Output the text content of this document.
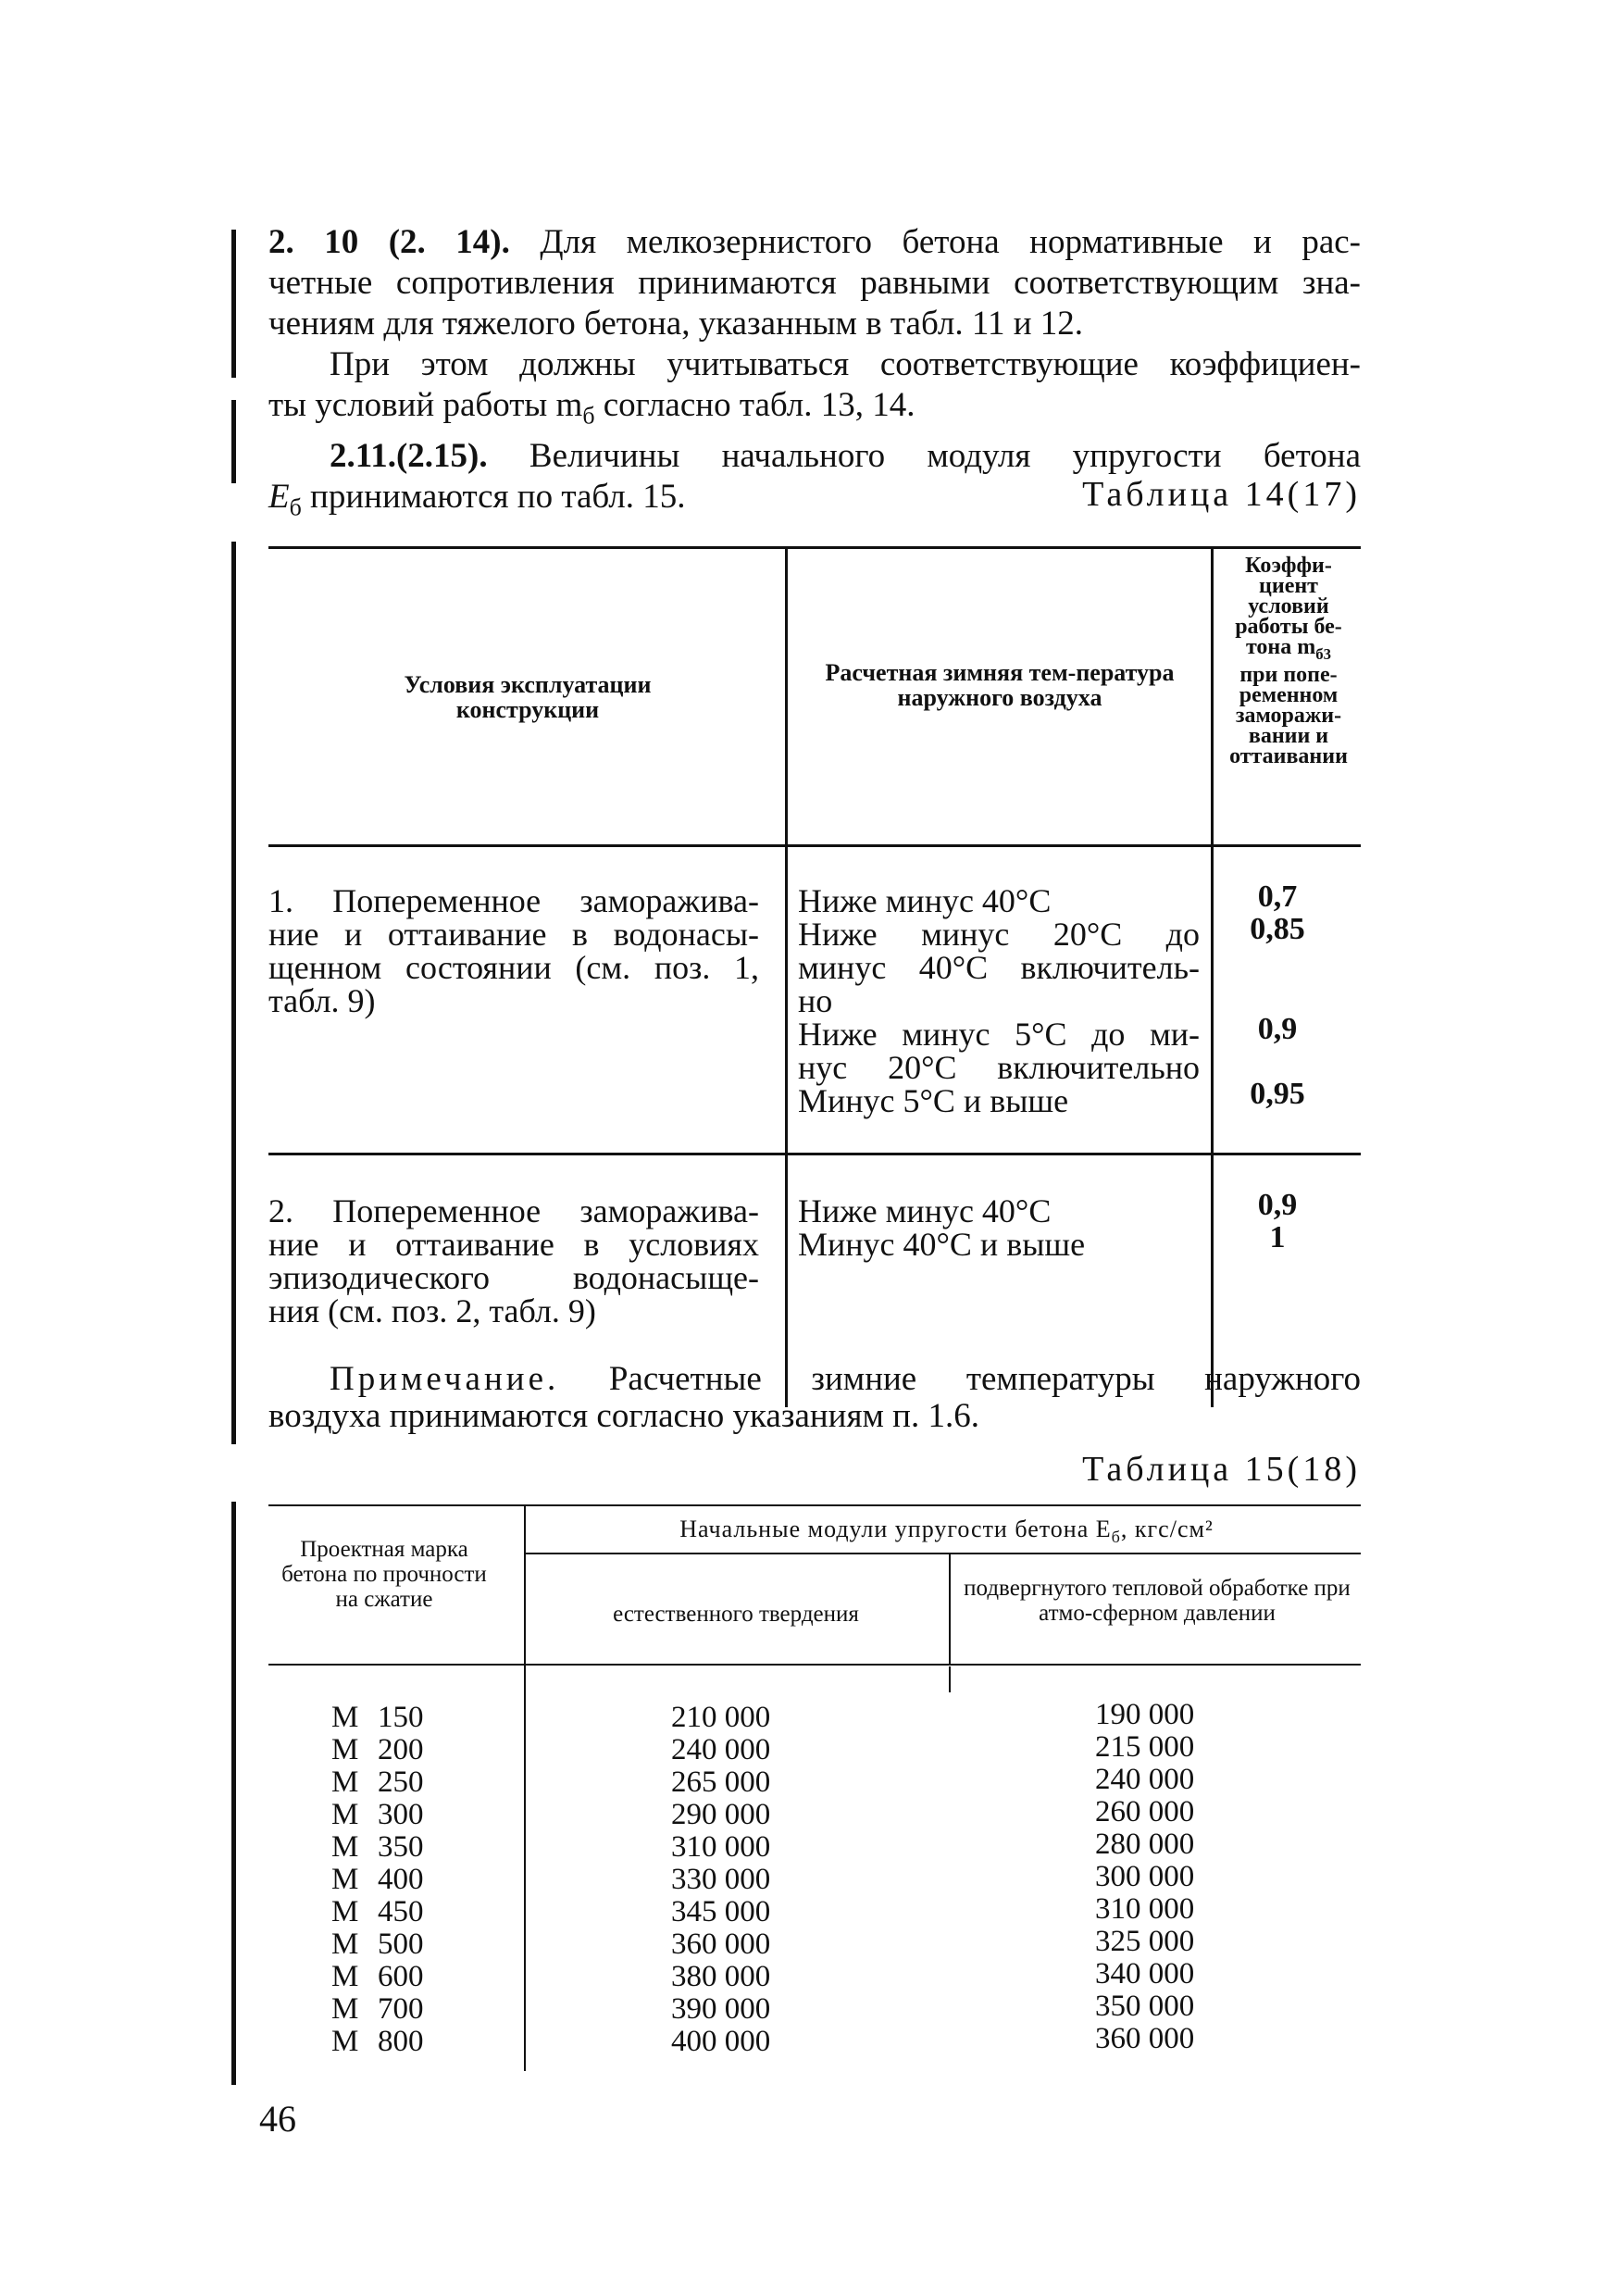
2. 10 (2. 14). Для мелкозернистого бетона нормативные и рас-

четные сопротивления принимаются равными соответствующим зна-

чениям для тяжелого бетона, указанным в табл. 11 и 12.

При этом должны учитываться соответствующие коэффициен-

ты условий работы $m_б$ согласно табл. 13, 14.

2.11.(2.15). Величины начального модуля упругости бетона

$E_б$ принимаются по табл. 15.	Таблица 14(17)
Условия эксплуатации конструкции
Расчетная зимняя тем-пература наружного воздуха
Коэффи-
циент
условий
работы бе-
тона $m_{б3}$
при попе-
ременном
заморажи-
вании и
оттаивании

1. Попеременное заморажива-

ние и оттаивание в водонасы-

щенном состоянии (см. поз. 1,

табл. 9)

Ниже минус 40°С

Ниже минус 20°С до

минус 40°С включитель-

но

Ниже минус 5°С до ми-

нус 20°С включительно

Минус 5°С и выше

0,7
0,85
0,9
0,95

2. Попеременное заморажива-

ние и оттаивание в условиях

эпизодического водонасыще-

ния (см. поз. 2, табл. 9)

Ниже минус 40°С

Минус 40°С и выше

0,9
1

Примечание. Расчетные зимние температуры наружного

воздуха принимаются согласно указаниям п. 1.6.

Таблица 15(18)
Проектная марка бетона по прочности на сжатие
Начальные модули упругости бетона $E_б$, кгс/см²
естественного твердения
подвергнутого тепловой обработке при атмо-сферном давлении
М 150
М 200
М 250
М 300
М 350
М 400
М 450
М 500
М 600
М 700
М 800
210 000
240 000
265 000
290 000
310 000
330 000
345 000
360 000
380 000
390 000
400 000
190 000
215 000
240 000
260 000
280 000
300 000
310 000
325 000
340 000
350 000
360 000
46
